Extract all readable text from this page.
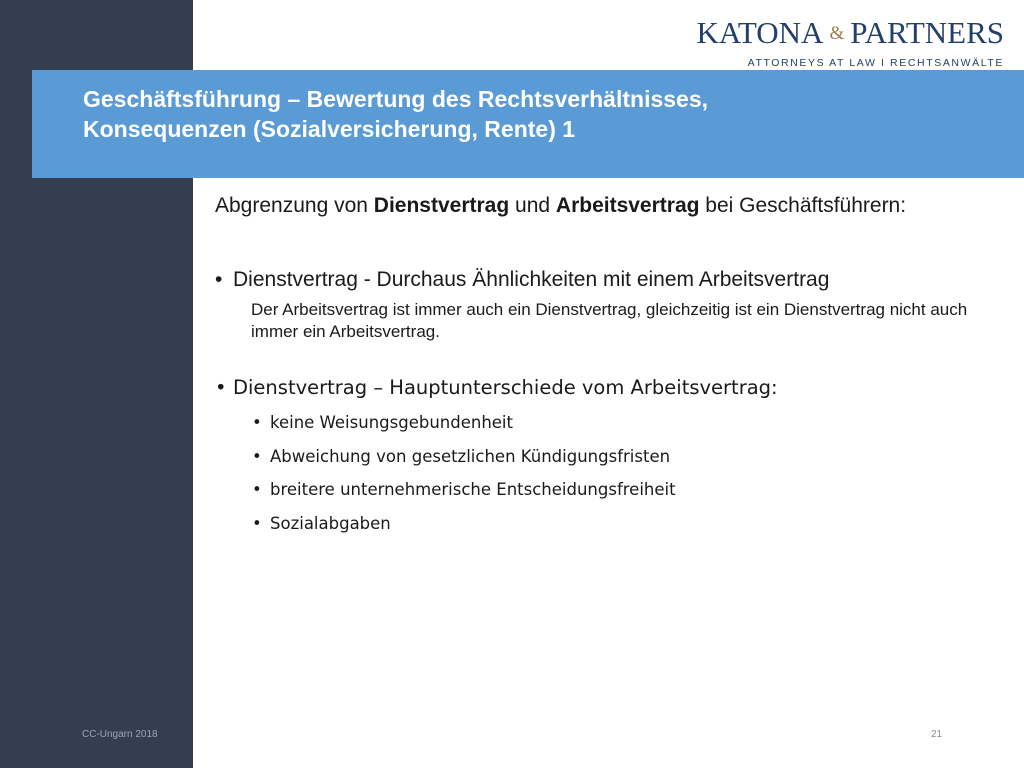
KATONA & PARTNERS
ATTORNEYS AT LAW I RECHTSANWÄLTE
Geschäftsführung – Bewertung des Rechtsverhältnisses,
Konsequenzen (Sozialversicherung, Rente) 1

Abgrenzung von Dienstvertrag und Arbeitsvertrag bei Geschäftsführern:

• Dienstvertrag - Durchaus Ähnlichkeiten mit einem Arbeitsvertrag
Der Arbeitsvertrag ist immer auch ein Dienstvertrag, gleichzeitig ist ein Dienstvertrag nicht auch immer ein Arbeitsvertrag.
• Dienstvertrag – Hauptunterschiede vom Arbeitsvertrag:
• keine Weisungsgebundenheit
• Abweichung von gesetzlichen Kündigungsfristen
• breitere unternehmerische Entscheidungsfreiheit
• Sozialabgaben
CC-Ungarn 2018	21
